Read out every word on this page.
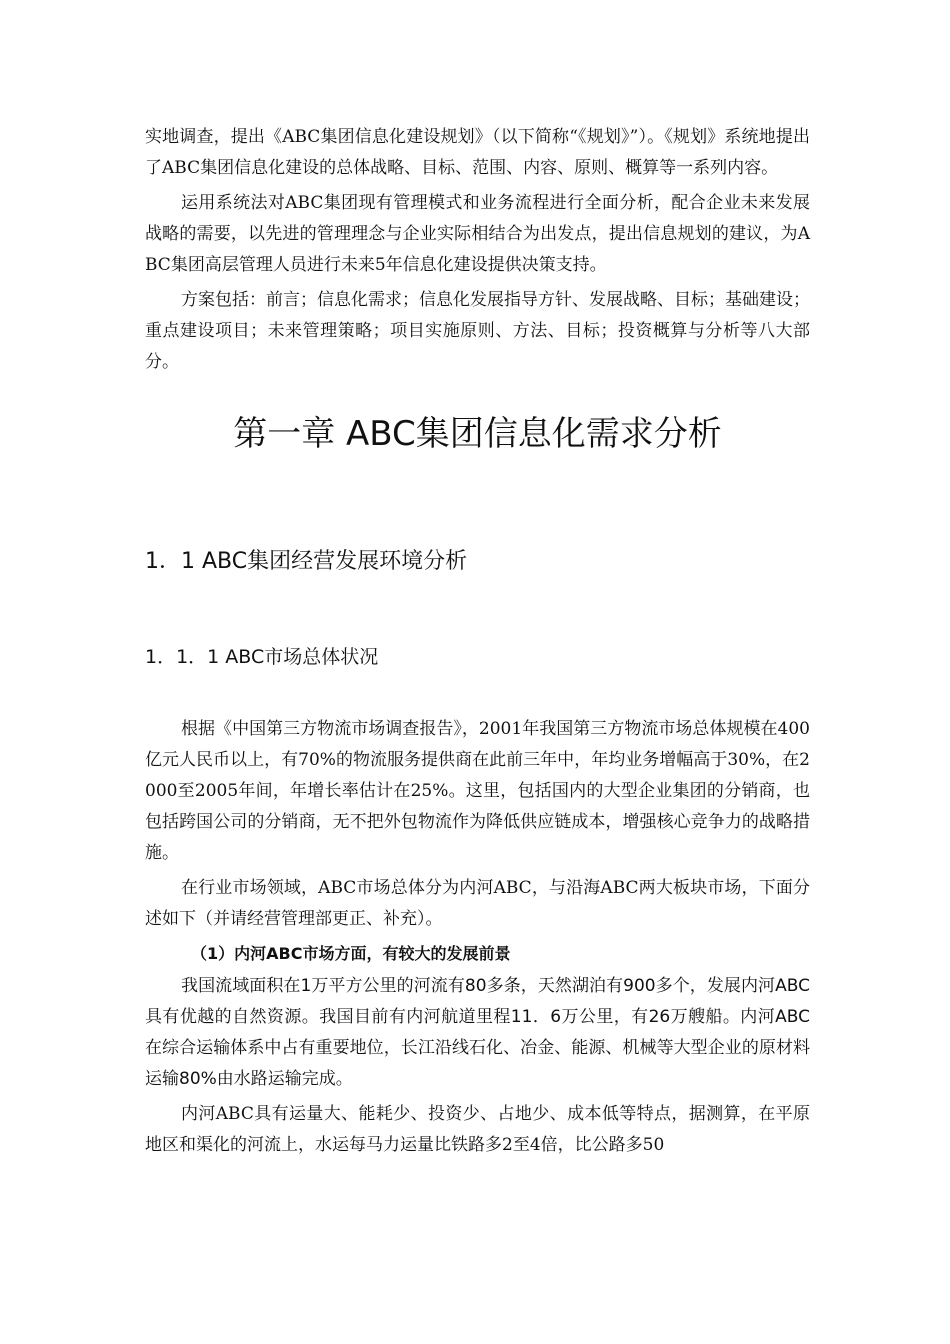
实地调查，提出《ABC集团信息化建设规划》（以下简称“《规划》”）。《规划》系统地提出了ABC集团信息化建设的总体战略、目标、范围、内容、原则、概算等一系列内容。

运用系统法对ABC集团现有管理模式和业务流程进行全面分析，配合企业未来发展战略的需要，以先进的管理理念与企业实际相结合为出发点，提出信息规划的建议，为ABC集团高层管理人员进行未来5年信息化建设提供决策支持。

方案包括：前言；信息化需求；信息化发展指导方针、发展战略、目标；基础建设；重点建设项目；未来管理策略；项目实施原则、方法、目标；投资概算与分析等八大部分。

第一章 ABC集团信息化需求分析
1．1 ABC集团经营发展环境分析
1．1．1 ABC市场总体状况

根据《中国第三方物流市场调查报告》，2001年我国第三方物流市场总体规模在400亿元人民币以上，有70%的物流服务提供商在此前三年中，年均业务增幅高于30%，在2000至2005年间，年增长率估计在25%。这里，包括国内的大型企业集团的分销商，也包括跨国公司的分销商，无不把外包物流作为降低供应链成本，增强核心竞争力的战略措施。

在行业市场领域，ABC市场总体分为内河ABC，与沿海ABC两大板块市场，下面分述如下（并请经营管理部更正、补充）。

（1）内河ABC市场方面，有较大的发展前景

我国流域面积在1万平方公里的河流有80多条，天然湖泊有900多个，发展内河ABC具有优越的自然资源。我国目前有内河航道里程11．6万公里，有26万艘船。内河ABC在综合运输体系中占有重要地位，长江沿线石化、冶金、能源、机械等大型企业的原材料运输80%由水路运输完成。

内河ABC具有运量大、能耗少、投资少、占地少、成本低等特点，据测算，在平原地区和渠化的河流上，水运每马力运量比铁路多2至4倍，比公路多50
